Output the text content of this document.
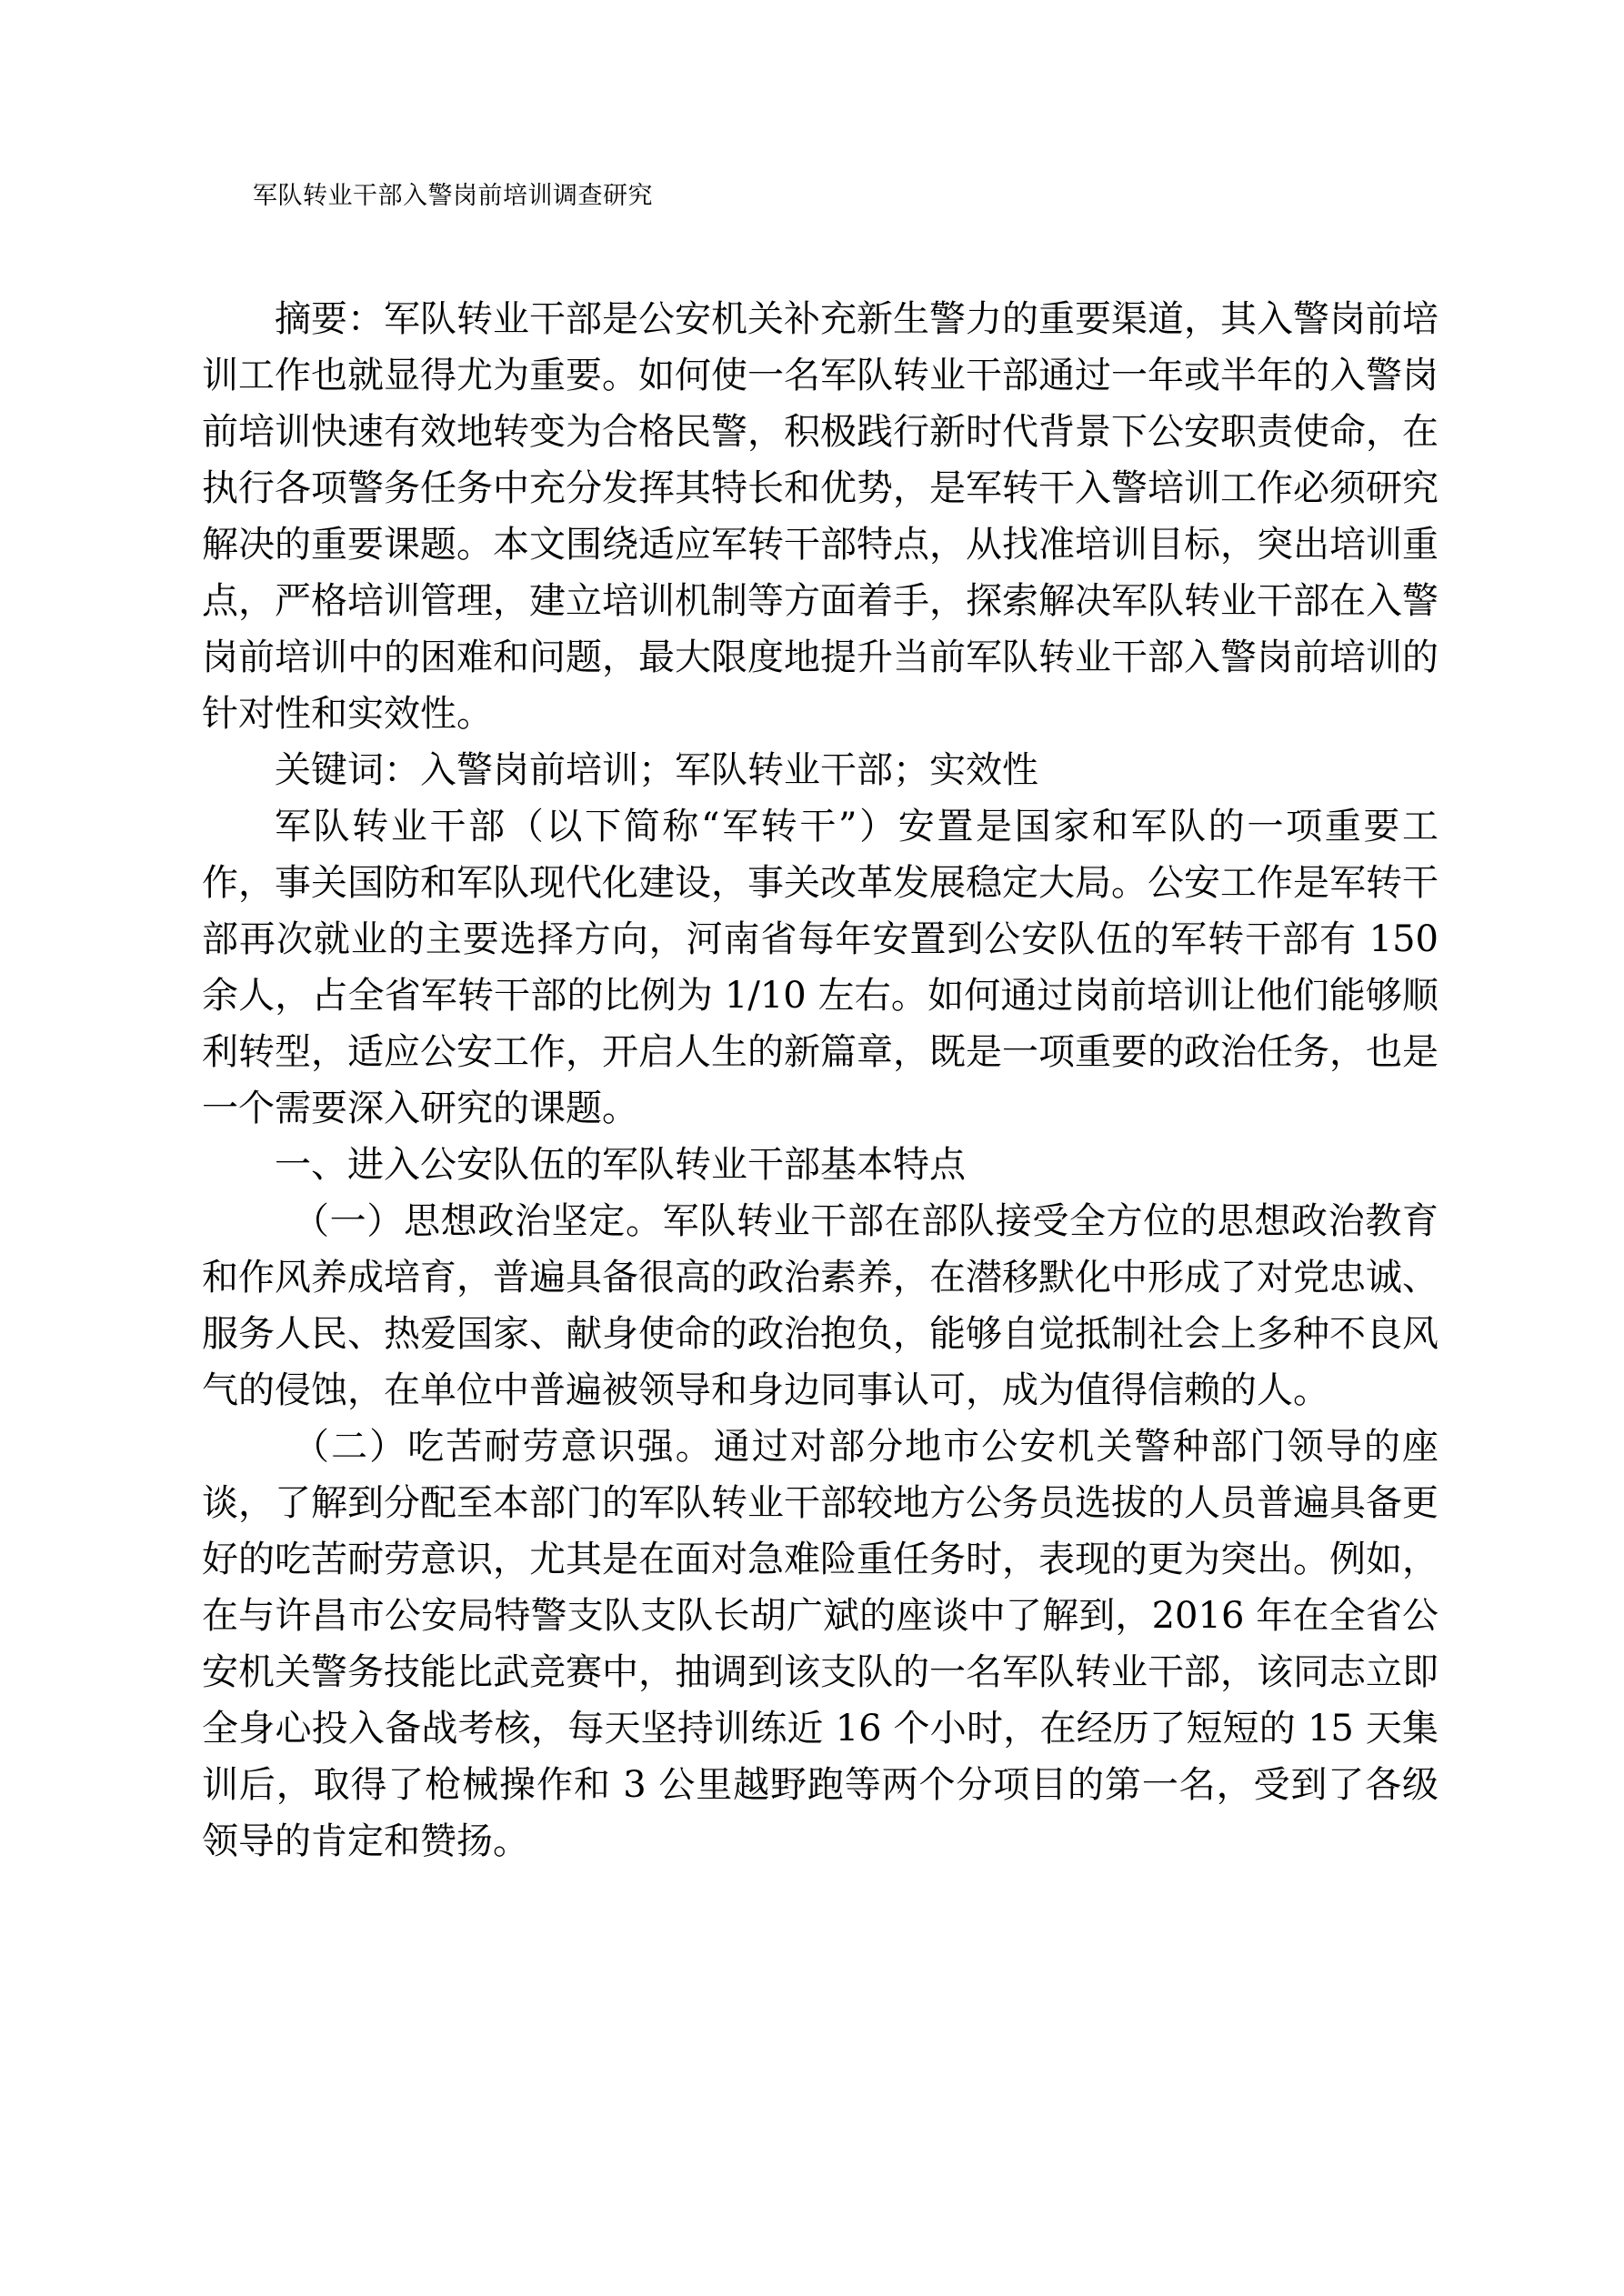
军队转业干部入警岗前培训调查研究

摘要：军队转业干部是公安机关补充新生警力的重要渠道，其入警岗前培训工作也就显得尤为重要。如何使一名军队转业干部通过一年或半年的入警岗前培训快速有效地转变为合格民警，积极践行新时代背景下公安职责使命，在执行各项警务任务中充分发挥其特长和优势，是军转干入警培训工作必须研究解决的重要课题。本文围绕适应军转干部特点，从找准培训目标，突出培训重点，严格培训管理，建立培训机制等方面着手，探索解决军队转业干部在入警岗前培训中的困难和问题，最大限度地提升当前军队转业干部入警岗前培训的针对性和实效性。

关键词：入警岗前培训；军队转业干部；实效性

军队转业干部（以下简称“军转干”）安置是国家和军队的一项重要工作，事关国防和军队现代化建设，事关改革发展稳定大局。公安工作是军转干部再次就业的主要选择方向，河南省每年安置到公安队伍的军转干部有 150 余人，占全省军转干部的比例为 1/10 左右。如何通过岗前培训让他们能够顺利转型，适应公安工作，开启人生的新篇章，既是一项重要的政治任务，也是一个需要深入研究的课题。

一、进入公安队伍的军队转业干部基本特点

（一）思想政治坚定。军队转业干部在部队接受全方位的思想政治教育和作风养成培育，普遍具备很高的政治素养，在潜移默化中形成了对党忠诚、服务人民、热爱国家、献身使命的政治抱负，能够自觉抵制社会上多种不良风气的侵蚀，在单位中普遍被领导和身边同事认可，成为值得信赖的人。

（二）吃苦耐劳意识强。通过对部分地市公安机关警种部门领导的座谈，了解到分配至本部门的军队转业干部较地方公务员选拔的人员普遍具备更好的吃苦耐劳意识，尤其是在面对急难险重任务时，表现的更为突出。例如，在与许昌市公安局特警支队支队长胡广斌的座谈中了解到，2016 年在全省公安机关警务技能比武竞赛中，抽调到该支队的一名军队转业干部，该同志立即全身心投入备战考核，每天坚持训练近 16 个小时，在经历了短短的 15 天集训后，取得了枪械操作和 3 公里越野跑等两个分项目的第一名，受到了各级领导的肯定和赞扬。
